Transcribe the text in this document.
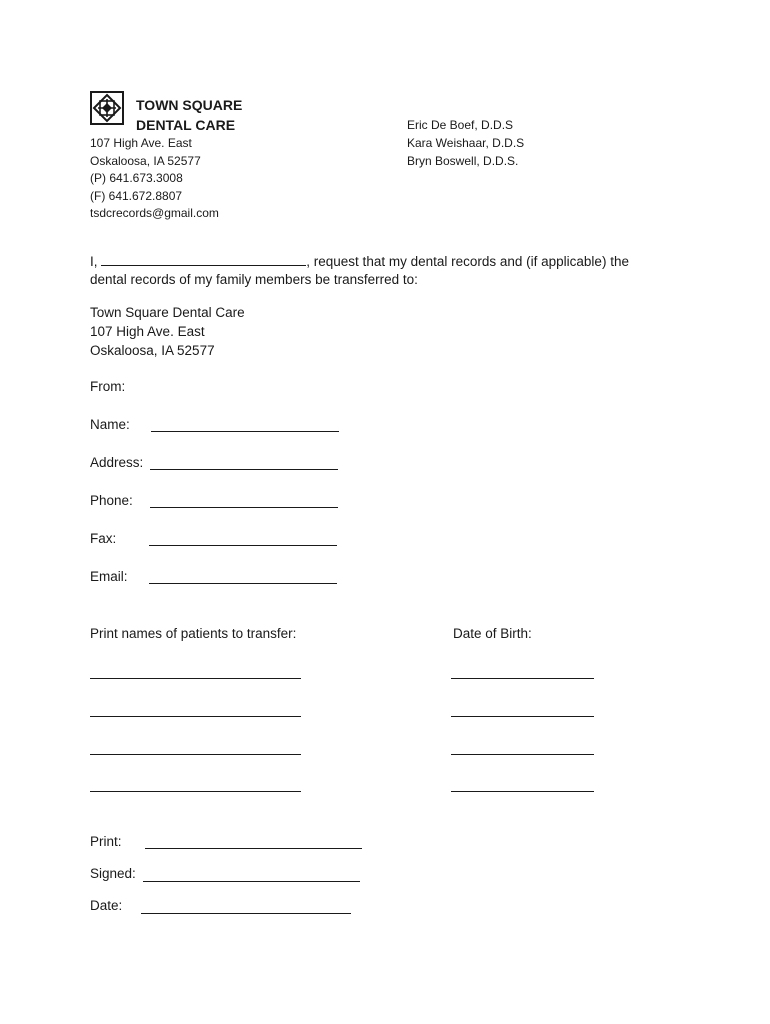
TOWN SQUARE
DENTAL CARE
107 High Ave. East
Oskaloosa, IA 52577
(P) 641.673.3008
(F) 641.672.8807
tsdcrecords@gmail.com
Eric De Boef, D.D.S
Kara Weishaar, D.D.S
Bryn Boswell, D.D.S.
I,	, request that my dental records and (if applicable) the
dental records of my family members be transferred to:
Town Square Dental Care
107 High Ave. East
Oskaloosa, IA 52577
From:
Name:
Address:
Phone:
Fax:
Email:
Print names of patients to transfer:	Date of Birth:
Print:
Signed:
Date:
